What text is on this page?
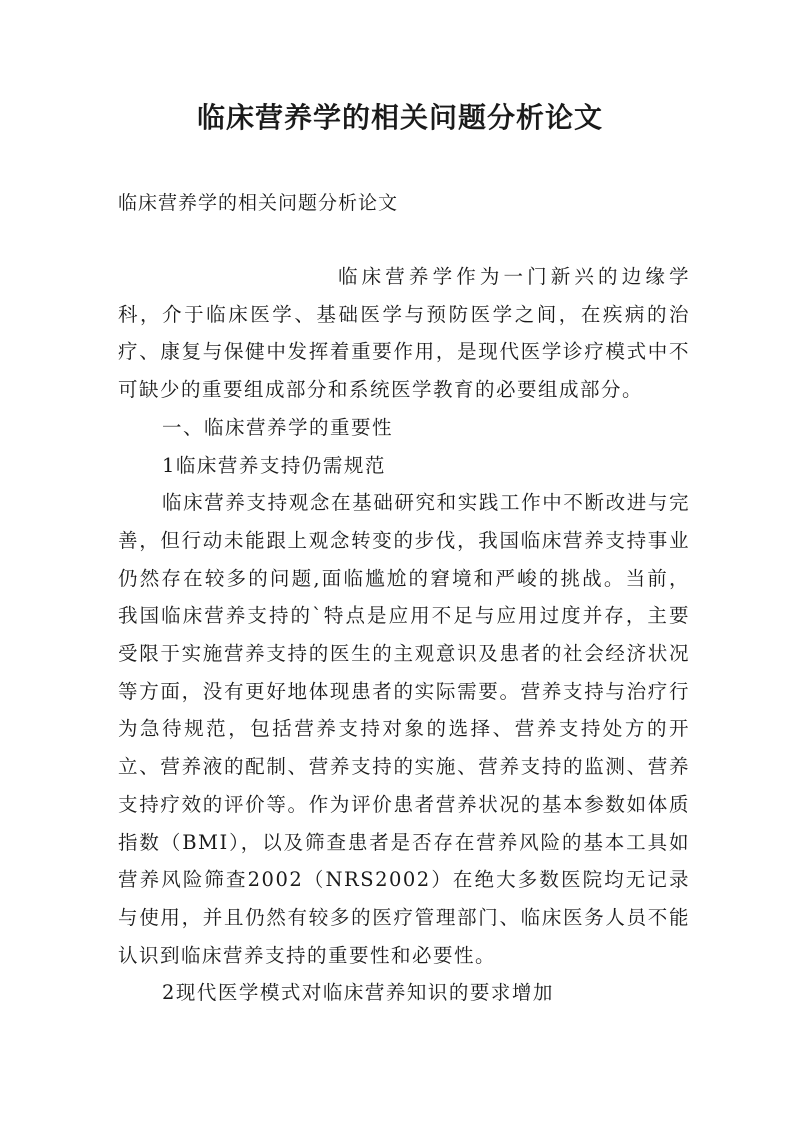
临床营养学的相关问题分析论文

临床营养学的相关问题分析论文

临床营养学作为一门新兴的边缘学科，介于临床医学、基础医学与预防医学之间，在疾病的治疗、康复与保健中发挥着重要作用，是现代医学诊疗模式中不可缺少的重要组成部分和系统医学教育的必要组成部分。

一、临床营养学的重要性

1临床营养支持仍需规范

临床营养支持观念在基础研究和实践工作中不断改进与完善，但行动未能跟上观念转变的步伐，我国临床营养支持事业仍然存在较多的问题,面临尴尬的窘境和严峻的挑战。当前，我国临床营养支持的`特点是应用不足与应用过度并存，主要受限于实施营养支持的医生的主观意识及患者的社会经济状况等方面，没有更好地体现患者的实际需要。营养支持与治疗行为急待规范，包括营养支持对象的选择、营养支持处方的开立、营养液的配制、营养支持的实施、营养支持的监测、营养支持疗效的评价等。作为评价患者营养状况的基本参数如体质指数（BMI），以及筛查患者是否存在营养风险的基本工具如营养风险筛查2002（NRS2002）在绝大多数医院均无记录与使用，并且仍然有较多的医疗管理部门、临床医务人员不能认识到临床营养支持的重要性和必要性。

2现代医学模式对临床营养知识的要求增加
